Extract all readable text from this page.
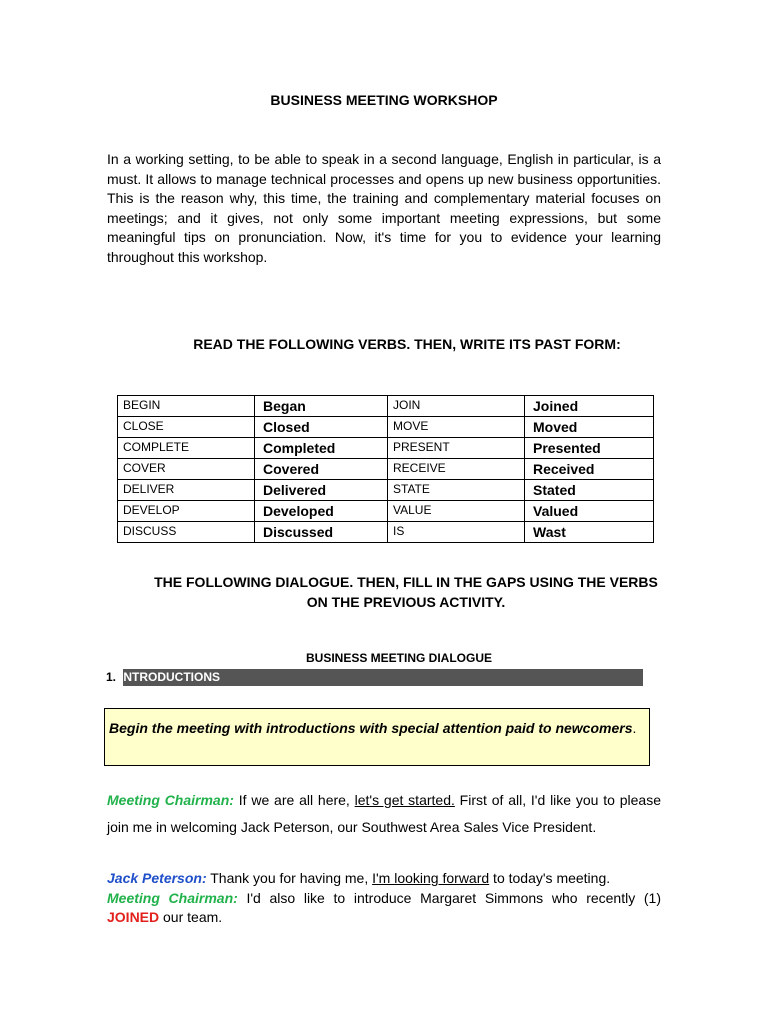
BUSINESS MEETING WORKSHOP
In a working setting, to be able to speak in a second language, English in particular, is a must. It allows to manage technical processes and opens up new business opportunities. This is the reason why, this time, the training and complementary material focuses on meetings; and it gives, not only some important meeting expressions, but some meaningful tips on pronunciation. Now, it's time for you to evidence your learning throughout this workshop.
READ THE FOLLOWING VERBS. THEN, WRITE ITS PAST FORM:
BEGIN	Began	JOIN	Joined
CLOSE	Closed	MOVE	Moved
COMPLETE	Completed	PRESENT	Presented
COVER	Covered	RECEIVE	Received
DELIVER	Delivered	STATE	Stated
DEVELOP	Developed	VALUE	Valued
DISCUSS	Discussed	IS	Wast
THE FOLLOWING DIALOGUE. THEN, FILL IN THE GAPS USING THE VERBS ON THE PREVIOUS ACTIVITY.
BUSINESS MEETING DIALOGUE
1. INTRODUCTIONS
Begin the meeting with introductions with special attention paid to newcomers.
Meeting Chairman: If we are all here, let's get started. First of all, I'd like you to please join me in welcoming Jack Peterson, our Southwest Area Sales Vice President.
Jack Peterson: Thank you for having me, I'm looking forward to today's meeting.
Meeting Chairman: I'd also like to introduce Margaret Simmons who recently (1) JOINED our team.
